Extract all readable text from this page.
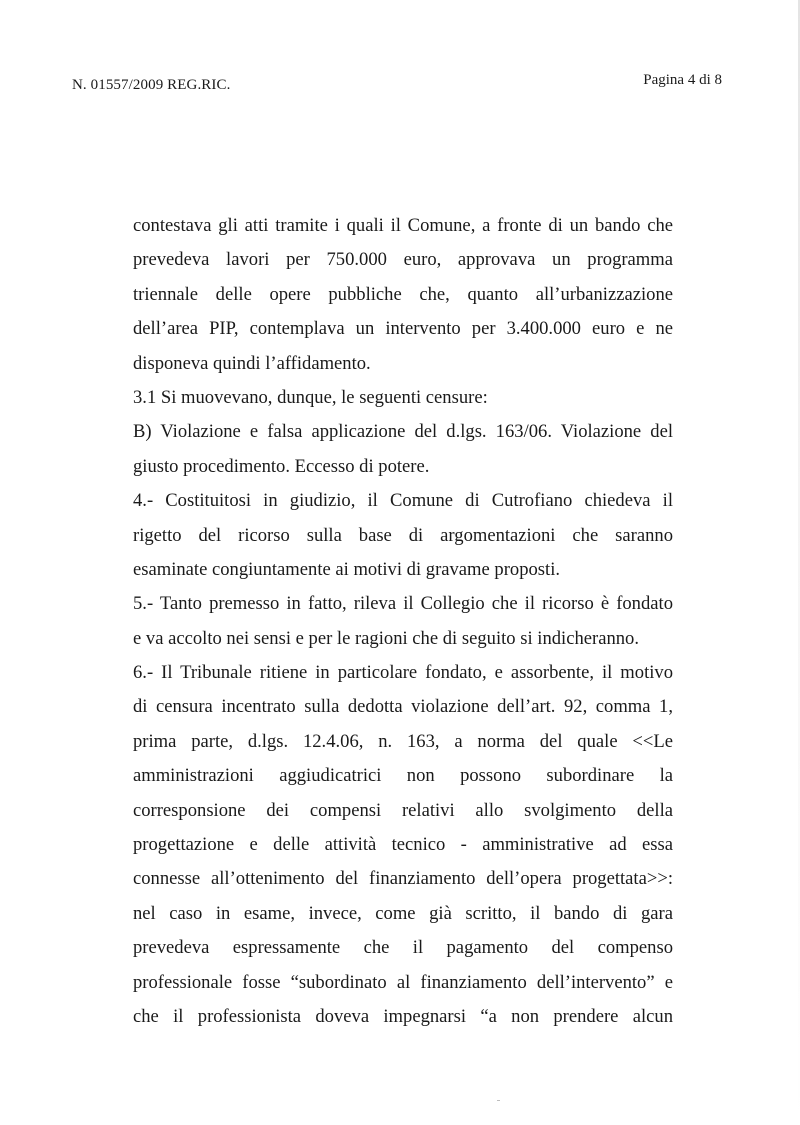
N. 01557/2009 REG.RIC.	Pagina 4 di 8
contestava gli atti tramite i quali il Comune, a fronte di un bando che
prevedeva lavori per 750.000 euro, approvava un programma
triennale delle opere pubbliche che, quanto all’urbanizzazione
dell’area PIP, contemplava un intervento per 3.400.000 euro e ne
disponeva quindi l’affidamento.
3.1 Si muovevano, dunque, le seguenti censure:
B) Violazione e falsa applicazione del d.lgs. 163/06. Violazione del
giusto procedimento. Eccesso di potere.
4.- Costituitosi in giudizio, il Comune di Cutrofiano chiedeva il
rigetto del ricorso sulla base di argomentazioni che saranno
esaminate congiuntamente ai motivi di gravame proposti.
5.- Tanto premesso in fatto, rileva il Collegio che il ricorso è fondato
e va accolto nei sensi e per le ragioni che di seguito si indicheranno.
6.- Il Tribunale ritiene in particolare fondato, e assorbente, il motivo
di censura incentrato sulla dedotta violazione dell’art. 92, comma 1,
prima parte, d.lgs. 12.4.06, n. 163, a norma del quale <<Le
amministrazioni aggiudicatrici non possono subordinare la
corresponsione dei compensi relativi allo svolgimento della
progettazione e delle attività tecnico - amministrative ad essa
connesse all’ottenimento del finanziamento dell’opera progettata>>:
nel caso in esame, invece, come già scritto, il bando di gara
prevedeva espressamente che il pagamento del compenso
professionale fosse “subordinato al finanziamento dell’intervento” e
che il professionista doveva impegnarsi “a non prendere alcun
